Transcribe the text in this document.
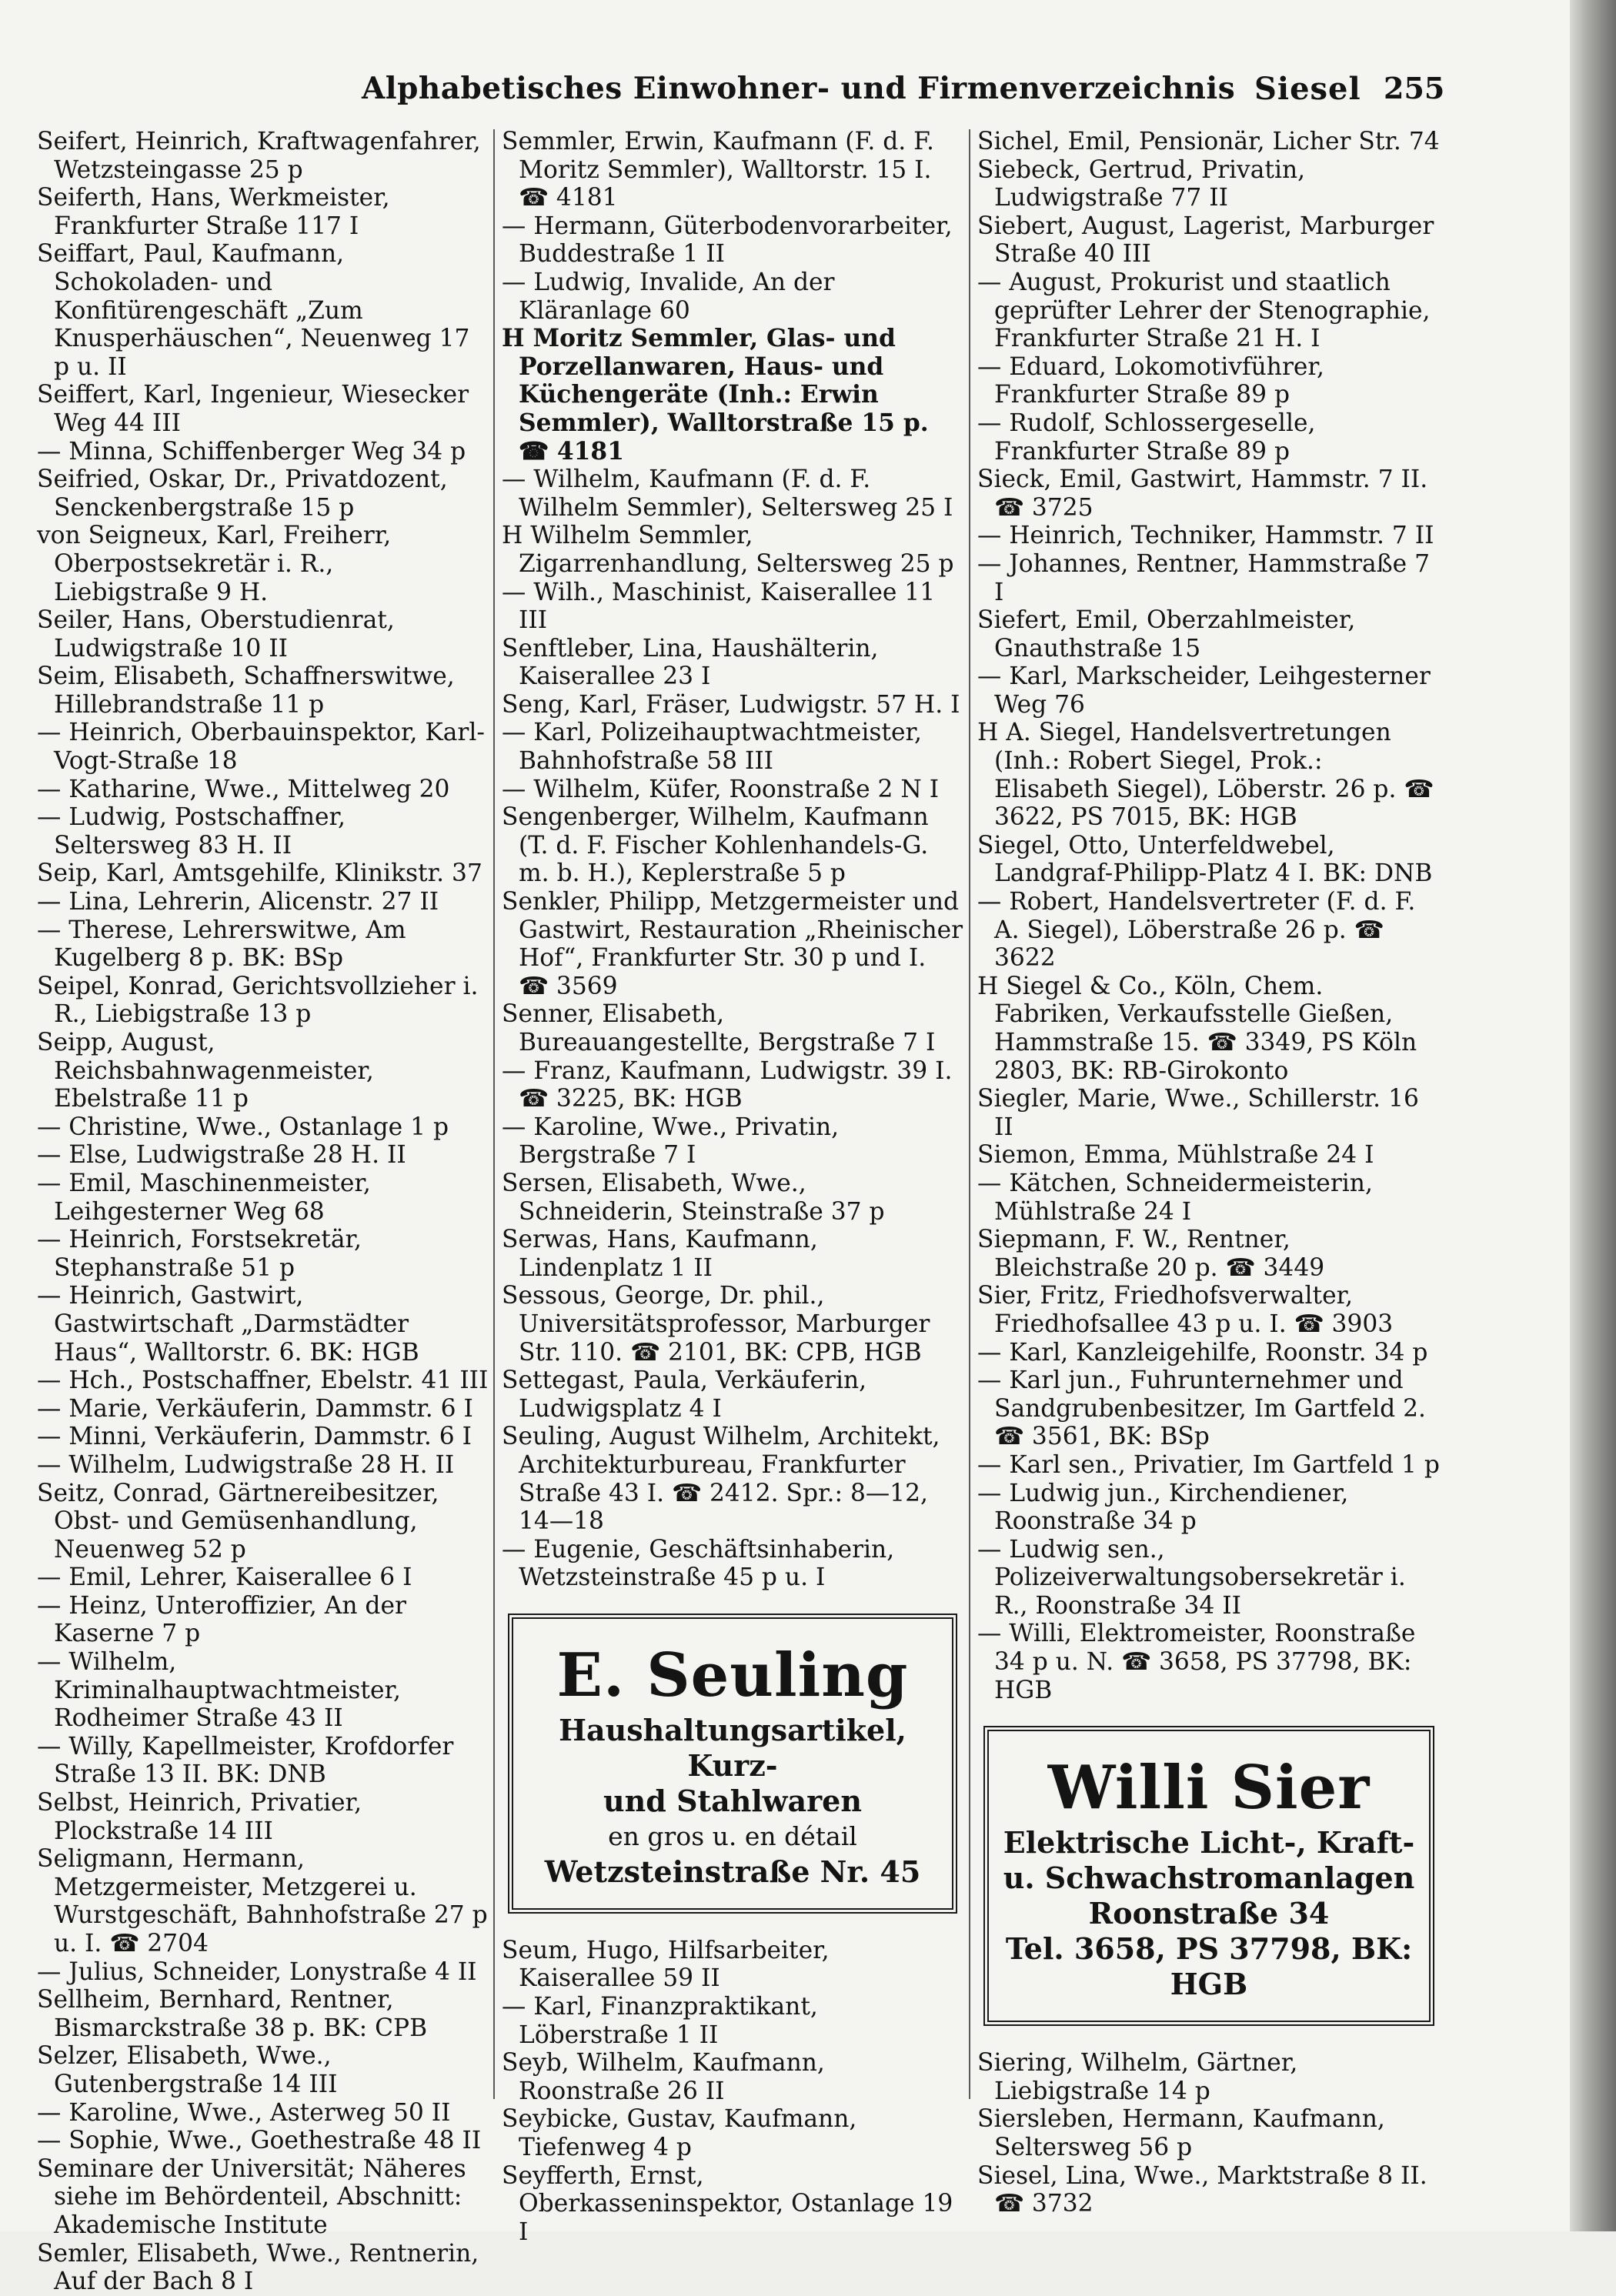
Alphabetisches Einwohner- und Firmenverzeichnis Siesel 255

Seifert, Heinrich, Kraftwagenfahrer, Wetzsteingasse 25 p

Seiferth, Hans, Werkmeister, Frankfurter Straße 117 I

Seiffart, Paul, Kaufmann, Schokoladen- und Konfitürengeschäft „Zum Knusperhäuschen“, Neuenweg 17 p u. II

Seiffert, Karl, Ingenieur, Wiesecker Weg 44 III

— Minna, Schiffenberger Weg 34 p

Seifried, Oskar, Dr., Privatdozent, Senckenbergstraße 15 p

von Seigneux, Karl, Freiherr, Oberpostsekretär i. R., Liebigstraße 9 H.

Seiler, Hans, Oberstudienrat, Ludwigstraße 10 II

Seim, Elisabeth, Schaffnerswitwe, Hillebrandstraße 11 p

— Heinrich, Oberbauinspektor, Karl-Vogt-Straße 18

— Katharine, Wwe., Mittelweg 20

— Ludwig, Postschaffner, Seltersweg 83 H. II

Seip, Karl, Amtsgehilfe, Klinikstr. 37

— Lina, Lehrerin, Alicenstr. 27 II

— Therese, Lehrerswitwe, Am Kugelberg 8 p. BK: BSp

Seipel, Konrad, Gerichtsvollzieher i. R., Liebigstraße 13 p

Seipp, August, Reichsbahnwagenmeister, Ebelstraße 11 p

— Christine, Wwe., Ostanlage 1 p

— Else, Ludwigstraße 28 H. II

— Emil, Maschinenmeister, Leihgesterner Weg 68

— Heinrich, Forstsekretär, Stephanstraße 51 p

— Heinrich, Gastwirt, Gastwirtschaft „Darmstädter Haus“, Walltorstr. 6. BK: HGB

— Hch., Postschaffner, Ebelstr. 41 III

— Marie, Verkäuferin, Dammstr. 6 I

— Minni, Verkäuferin, Dammstr. 6 I

— Wilhelm, Ludwigstraße 28 H. II

Seitz, Conrad, Gärtnereibesitzer, Obst- und Gemüsenhandlung, Neuenweg 52 p

— Emil, Lehrer, Kaiserallee 6 I

— Heinz, Unteroffizier, An der Kaserne 7 p

— Wilhelm, Kriminalhauptwachtmeister, Rodheimer Straße 43 II

— Willy, Kapellmeister, Krofdorfer Straße 13 II. BK: DNB

Selbst, Heinrich, Privatier, Plockstraße 14 III

Seligmann, Hermann, Metzgermeister, Metzgerei u. Wurstgeschäft, Bahnhofstraße 27 p u. I. ☎ 2704

— Julius, Schneider, Lonystraße 4 II

Sellheim, Bernhard, Rentner, Bismarckstraße 38 p. BK: CPB

Selzer, Elisabeth, Wwe., Gutenbergstraße 14 III

— Karoline, Wwe., Asterweg 50 II

— Sophie, Wwe., Goethestraße 48 II

Seminare der Universität; Näheres siehe im Behördenteil, Abschnitt: Akademische Institute

Semler, Elisabeth, Wwe., Rentnerin, Auf der Bach 8 I

Semmler, Erwin, Kaufmann (F. d. F. Moritz Semmler), Walltorstr. 15 I. ☎ 4181

— Hermann, Güterbodenvorarbeiter, Buddestraße 1 II

— Ludwig, Invalide, An der Kläranlage 60

H Moritz Semmler, Glas- und Porzellanwaren, Haus- und Küchengeräte (Inh.: Erwin Semmler), Walltorstraße 15 p. ☎ 4181

— Wilhelm, Kaufmann (F. d. F. Wilhelm Semmler), Seltersweg 25 I

H Wilhelm Semmler, Zigarrenhandlung, Seltersweg 25 p

— Wilh., Maschinist, Kaiserallee 11 III

Senftleber, Lina, Haushälterin, Kaiserallee 23 I

Seng, Karl, Fräser, Ludwigstr. 57 H. I

— Karl, Polizeihauptwachtmeister, Bahnhofstraße 58 III

— Wilhelm, Küfer, Roonstraße 2 N I

Sengenberger, Wilhelm, Kaufmann (T. d. F. Fischer Kohlenhandels-G. m. b. H.), Keplerstraße 5 p

Senkler, Philipp, Metzgermeister und Gastwirt, Restauration „Rheinischer Hof“, Frankfurter Str. 30 p und I. ☎ 3569

Senner, Elisabeth, Bureauangestellte, Bergstraße 7 I

— Franz, Kaufmann, Ludwigstr. 39 I. ☎ 3225, BK: HGB

— Karoline, Wwe., Privatin, Bergstraße 7 I

Sersen, Elisabeth, Wwe., Schneiderin, Steinstraße 37 p

Serwas, Hans, Kaufmann, Lindenplatz 1 II

Sessous, George, Dr. phil., Universitätsprofessor, Marburger Str. 110. ☎ 2101, BK: CPB, HGB

Settegast, Paula, Verkäuferin, Ludwigsplatz 4 I

Seuling, August Wilhelm, Architekt, Architekturbureau, Frankfurter Straße 43 I. ☎ 2412. Spr.: 8—12, 14—18

— Eugenie, Geschäftsinhaberin, Wetzsteinstraße 45 p u. I

E. Seuling
Haushaltungsartikel, Kurz-
und Stahlwaren
en gros u. en détail
Wetzsteinstraße Nr. 45

Seum, Hugo, Hilfsarbeiter, Kaiserallee 59 II

— Karl, Finanzpraktikant, Löberstraße 1 II

Seyb, Wilhelm, Kaufmann, Roonstraße 26 II

Seybicke, Gustav, Kaufmann, Tiefenweg 4 p

Seyfferth, Ernst, Oberkasseninspektor, Ostanlage 19 I

Sichel, Emil, Pensionär, Licher Str. 74

Siebeck, Gertrud, Privatin, Ludwigstraße 77 II

Siebert, August, Lagerist, Marburger Straße 40 III

— August, Prokurist und staatlich geprüfter Lehrer der Stenographie, Frankfurter Straße 21 H. I

— Eduard, Lokomotivführer, Frankfurter Straße 89 p

— Rudolf, Schlossergeselle, Frankfurter Straße 89 p

Sieck, Emil, Gastwirt, Hammstr. 7 II. ☎ 3725

— Heinrich, Techniker, Hammstr. 7 II

— Johannes, Rentner, Hammstraße 7 I

Siefert, Emil, Oberzahlmeister, Gnauthstraße 15

— Karl, Markscheider, Leihgesterner Weg 76

H A. Siegel, Handelsvertretungen (Inh.: Robert Siegel, Prok.: Elisabeth Siegel), Löberstr. 26 p. ☎ 3622, PS 7015, BK: HGB

Siegel, Otto, Unterfeldwebel, Landgraf-Philipp-Platz 4 I. BK: DNB

— Robert, Handelsvertreter (F. d. F. A. Siegel), Löberstraße 26 p. ☎ 3622

H Siegel & Co., Köln, Chem. Fabriken, Verkaufsstelle Gießen, Hammstraße 15. ☎ 3349, PS Köln 2803, BK: RB-Girokonto

Siegler, Marie, Wwe., Schillerstr. 16 II

Siemon, Emma, Mühlstraße 24 I

— Kätchen, Schneidermeisterin, Mühlstraße 24 I

Siepmann, F. W., Rentner, Bleichstraße 20 p. ☎ 3449

Sier, Fritz, Friedhofsverwalter, Friedhofsallee 43 p u. I. ☎ 3903

— Karl, Kanzleigehilfe, Roonstr. 34 p

— Karl jun., Fuhrunternehmer und Sandgrubenbesitzer, Im Gartfeld 2. ☎ 3561, BK: BSp

— Karl sen., Privatier, Im Gartfeld 1 p

— Ludwig jun., Kirchendiener, Roonstraße 34 p

— Ludwig sen., Polizeiverwaltungsobersekretär i. R., Roonstraße 34 II

— Willi, Elektromeister, Roonstraße 34 p u. N. ☎ 3658, PS 37798, BK: HGB

Willi Sier
Elektrische Licht-, Kraft-
u. Schwachstromanlagen
Roonstraße 34
Tel. 3658, PS 37798, BK: HGB

Siering, Wilhelm, Gärtner, Liebigstraße 14 p

Siersleben, Hermann, Kaufmann, Seltersweg 56 p

Siesel, Lina, Wwe., Marktstraße 8 II. ☎ 3732
